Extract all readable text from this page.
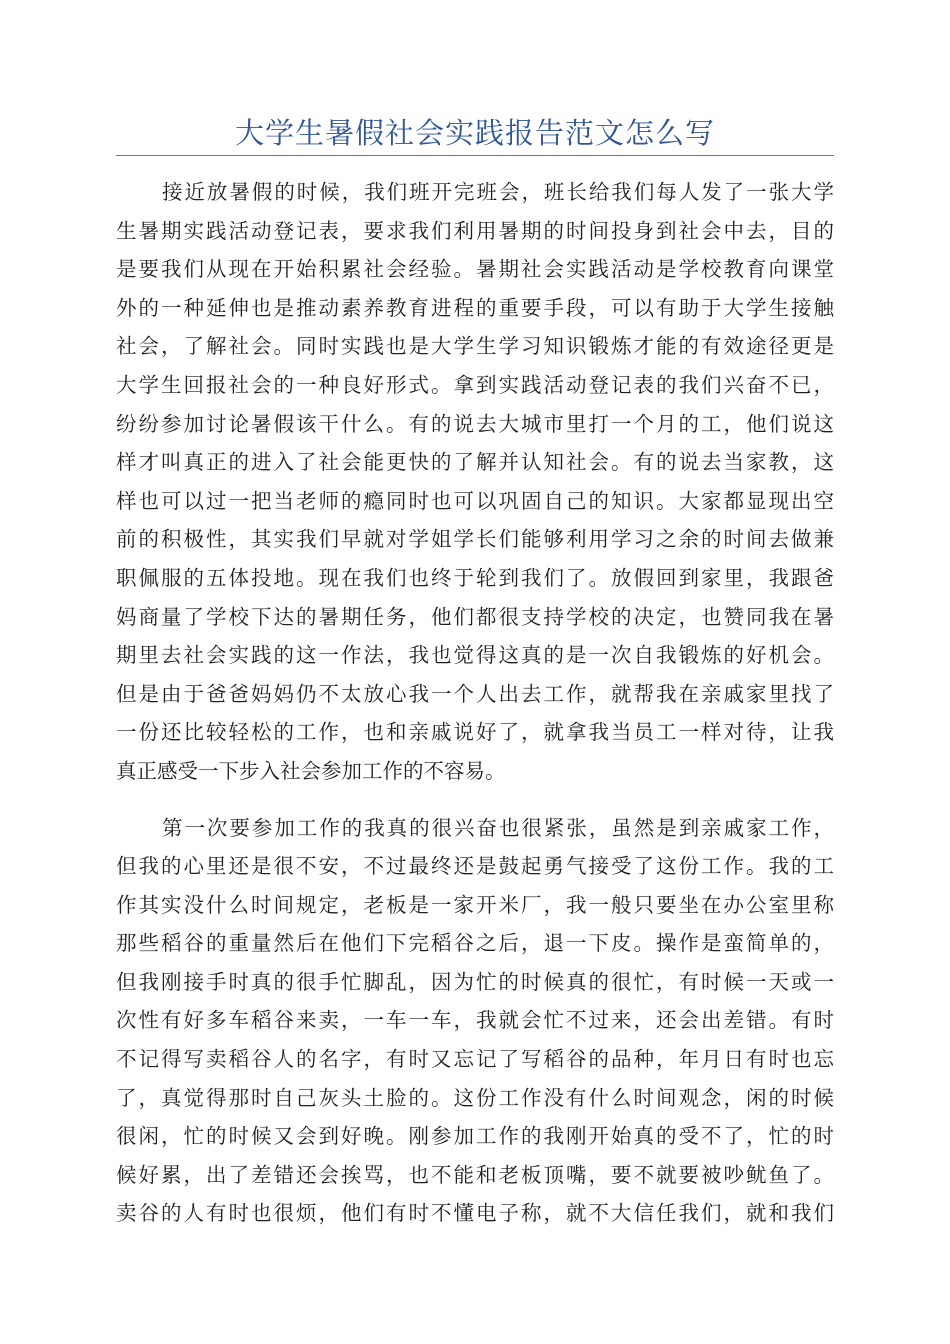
大学生暑假社会实践报告范文怎么写
接近放暑假的时候，我们班开完班会，班长给我们每人发了一张大学
生暑期实践活动登记表，要求我们利用暑期的时间投身到社会中去，目的
是要我们从现在开始积累社会经验。暑期社会实践活动是学校教育向课堂
外的一种延伸也是推动素养教育进程的重要手段，可以有助于大学生接触
社会，了解社会。同时实践也是大学生学习知识锻炼才能的有效途径更是
大学生回报社会的一种良好形式。拿到实践活动登记表的我们兴奋不已，
纷纷参加讨论暑假该干什么。有的说去大城市里打一个月的工，他们说这
样才叫真正的进入了社会能更快的了解并认知社会。有的说去当家教，这
样也可以过一把当老师的瘾同时也可以巩固自己的知识。大家都显现出空
前的积极性，其实我们早就对学姐学长们能够利用学习之余的时间去做兼
职佩服的五体投地。现在我们也终于轮到我们了。放假回到家里，我跟爸
妈商量了学校下达的暑期任务，他们都很支持学校的决定，也赞同我在暑
期里去社会实践的这一作法，我也觉得这真的是一次自我锻炼的好机会。
但是由于爸爸妈妈仍不太放心我一个人出去工作，就帮我在亲戚家里找了
一份还比较轻松的工作，也和亲戚说好了，就拿我当员工一样对待，让我
真正感受一下步入社会参加工作的不容易。
第一次要参加工作的我真的很兴奋也很紧张，虽然是到亲戚家工作，
但我的心里还是很不安，不过最终还是鼓起勇气接受了这份工作。我的工
作其实没什么时间规定，老板是一家开米厂，我一般只要坐在办公室里称
那些稻谷的重量然后在他们下完稻谷之后，退一下皮。操作是蛮简单的，
但我刚接手时真的很手忙脚乱，因为忙的时候真的很忙，有时候一天或一
次性有好多车稻谷来卖，一车一车，我就会忙不过来，还会出差错。有时
不记得写卖稻谷人的名字，有时又忘记了写稻谷的品种，年月日有时也忘
了，真觉得那时自己灰头土脸的。这份工作没有什么时间观念，闲的时候
很闲，忙的时候又会到好晚。刚参加工作的我刚开始真的受不了，忙的时
候好累，出了差错还会挨骂，也不能和老板顶嘴，要不就要被吵鱿鱼了。
卖谷的人有时也很烦，他们有时不懂电子称，就不大信任我们，就和我们
